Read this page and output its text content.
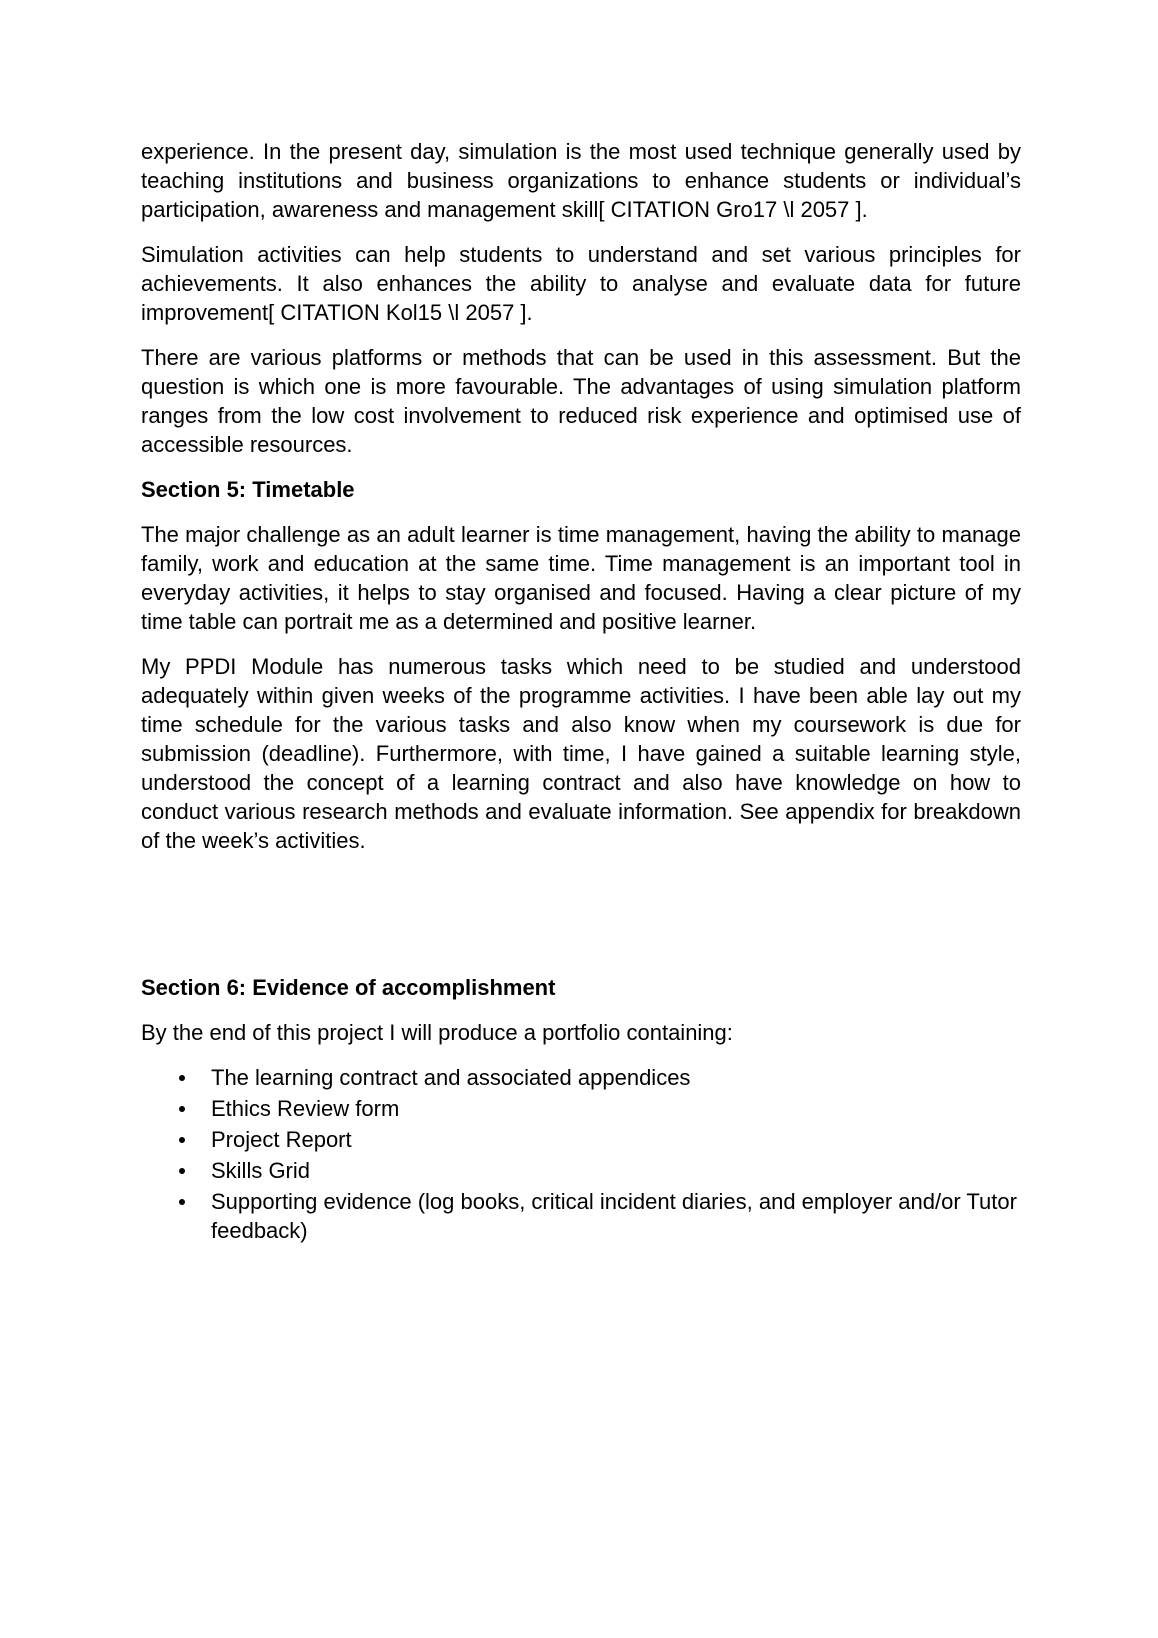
experience. In the present day, simulation is the most used technique generally used by teaching institutions and business organizations to enhance students or individual’s participation, awareness and management skill[ CITATION Gro17 \l 2057 ].

Simulation activities can help students to understand and set various principles for achievements. It also enhances the ability to analyse and evaluate data for future improvement[ CITATION Kol15 \l 2057 ].

There are various platforms or methods that can be used in this assessment. But the question is which one is more favourable. The advantages of using simulation platform ranges from the low cost involvement to reduced risk experience and optimised use of accessible resources.

Section 5: Timetable

The major challenge as an adult learner is time management, having the ability to manage family, work and education at the same time. Time management is an important tool in everyday activities, it helps to stay organised and focused. Having a clear picture of my time table can portrait me as a determined and positive learner.

My PPDI Module has numerous tasks which need to be studied and understood adequately within given weeks of the programme activities. I have been able lay out my time schedule for the various tasks and also know when my coursework is due for submission (deadline). Furthermore, with time, I have gained a suitable learning style, understood the concept of a learning contract and also have knowledge on how to conduct various research methods and evaluate information. See appendix for breakdown of the week’s activities.

Section 6: Evidence of accomplishment

By the end of this project I will produce a portfolio containing:

The learning contract and associated appendices
Ethics Review form
Project Report
Skills Grid
Supporting evidence (log books, critical incident diaries, and employer and/or Tutor feedback)
